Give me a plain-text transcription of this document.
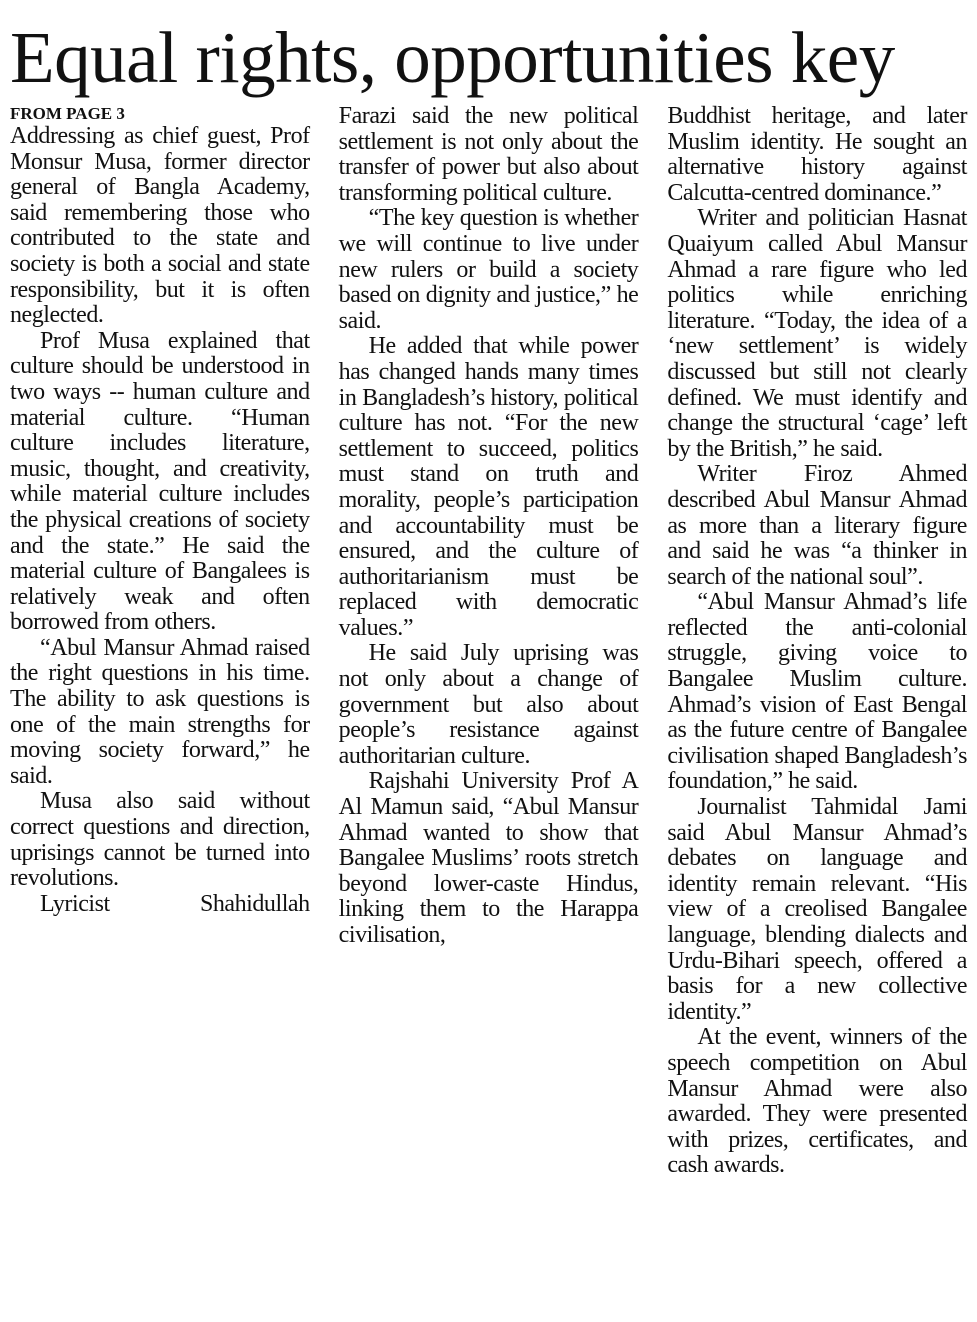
Equal rights, opportunities key
FROM PAGE 3

Addressing as chief guest, Prof Monsur Musa, former director general of Bangla Academy, said remembering those who contributed to the state and society is both a social and state responsibility, but it is often neglected.

Prof Musa explained that culture should be understood in two ways -- human culture and material culture. “Human culture includes literature, music, thought, and creativity, while material culture includes the physical creations of society and the state.” He said the material culture of Bangalees is relatively weak and often borrowed from others.

“Abul Mansur Ahmad raised the right questions in his time. The ability to ask questions is one of the main strengths for moving society forward,” he said.

Musa also said without correct questions and direction, uprisings cannot be turned into revolutions.

Lyricist Shahidullah

Farazi said the new political settlement is not only about the transfer of power but also about transforming political culture.

“The key question is whether we will continue to live under new rulers or build a society based on dignity and justice,” he said.

He added that while power has changed hands many times in Bangladesh’s history, political culture has not. “For the new settlement to succeed, politics must stand on truth and morality, people’s participation and accountability must be ensured, and the culture of authoritarianism must be replaced with democratic values.”

He said July uprising was not only about a change of government but also about people’s resistance against authoritarian culture.

Rajshahi University Prof A Al Mamun said, “Abul Mansur Ahmad wanted to show that Bangalee Muslims’ roots stretch beyond lower-caste Hindus, linking them to the Harappa civilisation,

Buddhist heritage, and later Muslim identity. He sought an alternative history against Calcutta-centred dominance.”

Writer and politician Hasnat Quaiyum called Abul Mansur Ahmad a rare figure who led politics while enriching literature. “Today, the idea of a ‘new settlement’ is widely discussed but still not clearly defined. We must identify and change the structural ‘cage’ left by the British,” he said.

Writer Firoz Ahmed described Abul Mansur Ahmad as more than a literary figure and said he was “a thinker in search of the national soul”.

“Abul Mansur Ahmad’s life reflected the anti-colonial struggle, giving voice to Bangalee Muslim culture. Ahmad’s vision of East Bengal as the future centre of Bangalee civilisation shaped Bangladesh’s foundation,” he said.

Journalist Tahmidal Jami said Abul Mansur Ahmad’s debates on language and identity remain relevant. “His view of a creolised Bangalee language, blending dialects and Urdu-Bihari speech, offered a basis for a new collective identity.”

At the event, winners of the speech competition on Abul Mansur Ahmad were also awarded. They were presented with prizes, certificates, and cash awards.
